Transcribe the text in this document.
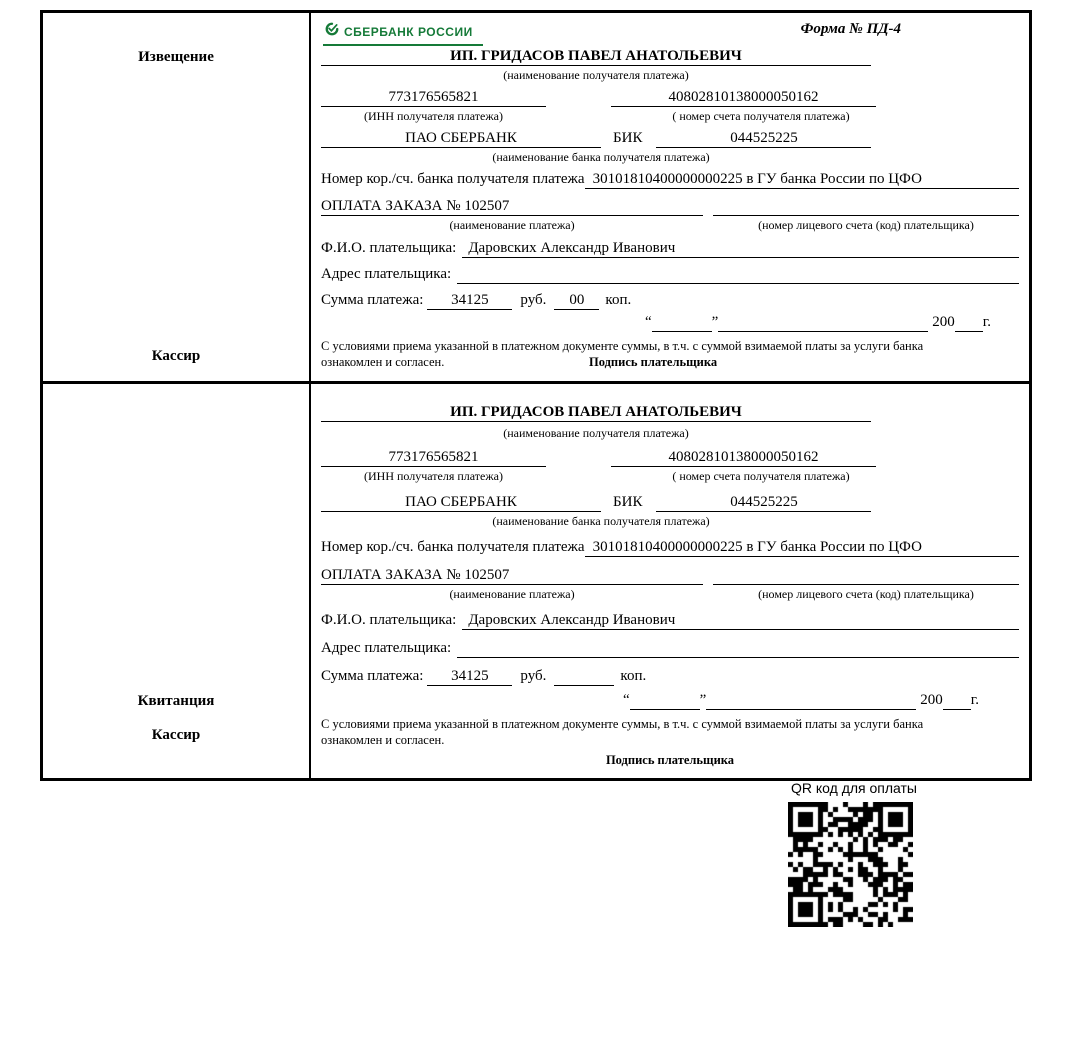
Извещение
Кассир
СБЕРБАНК РОССИИ	Форма № ПД-4
ИП. ГРИДАСОВ ПАВЕЛ АНАТОЛЬЕВИЧ
(наименование получателя платежа)
773176565821	40802810138000050162
(ИНН получателя платежа)	( номер счета получателя платежа)
ПАО СБЕРБАНК	БИК	044525225
(наименование банка получателя платежа)
Номер кор./сч. банка получателя платежа 30101810400000000225 в ГУ банка России по ЦФО
ОПЛАТА ЗАКАЗА № 102507
(наименование платежа)	(номер лицевого счета (код) плательщика)
Ф.И.О. плательщика: Даровских Александр Иванович
Адрес плательщика:
Сумма платежа:	34125	руб.	00	коп.
“	”	200 г.
С условиями приема указанной в платежном документе суммы, в т.ч. с суммой взимаемой платы за услуги банка ознакомлен и согласен.	Подпись плательщика
Квитанция
Кассир
ИП. ГРИДАСОВ ПАВЕЛ АНАТОЛЬЕВИЧ
(наименование получателя платежа)
773176565821	40802810138000050162
(ИНН получателя платежа)	( номер счета получателя платежа)
ПАО СБЕРБАНК	БИК	044525225
(наименование банка получателя платежа)
Номер кор./сч. банка получателя платежа 30101810400000000225 в ГУ банка России по ЦФО
ОПЛАТА ЗАКАЗА № 102507
(наименование платежа)	(номер лицевого счета (код) плательщика)
Ф.И.О. плательщика: Даровских Александр Иванович
Адрес плательщика:
Сумма платежа:	34125	руб.	коп.
“	”	200 г.
С условиями приема указанной в платежном документе суммы, в т.ч. с суммой взимаемой платы за услуги банка ознакомлен и согласен.
Подпись плательщика
QR код для оплаты
